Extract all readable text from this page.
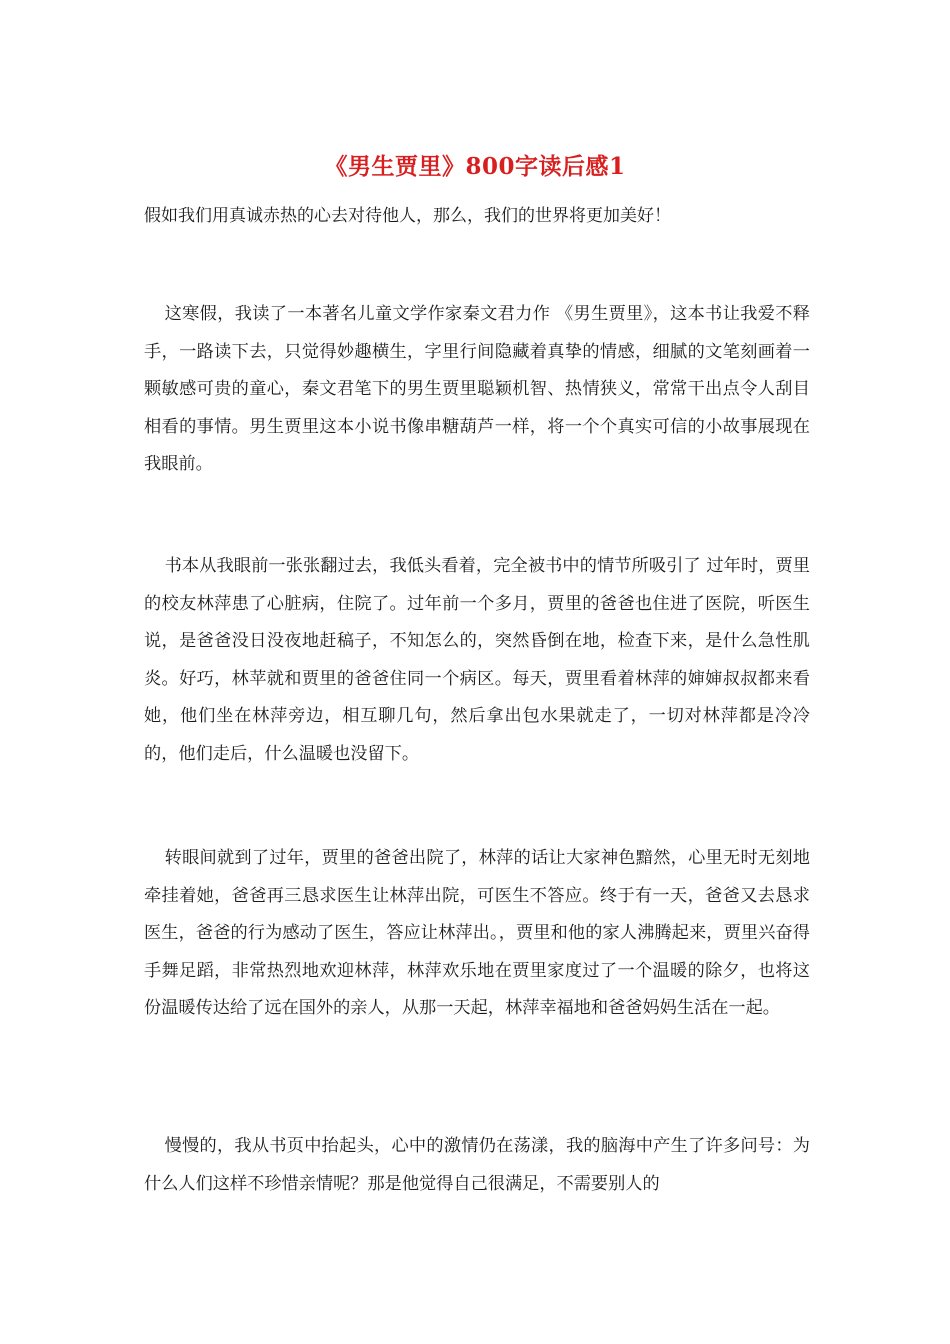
《男生贾里》800字读后感1

假如我们用真诚赤热的心去对待他人，那么，我们的世界将更加美好！

这寒假，我读了一本著名儿童文学作家秦文君力作 《男生贾里》，这本书让我爱不释手，一路读下去，只觉得妙趣横生，字里行间隐藏着真挚的情感，细腻的文笔刻画着一颗敏感可贵的童心，秦文君笔下的男生贾里聪颖机智、热情狭义，常常干出点令人刮目相看的事情。男生贾里这本小说书像串糖葫芦一样，将一个个真实可信的小故事展现在我眼前。

书本从我眼前一张张翻过去，我低头看着，完全被书中的情节所吸引了 过年时，贾里的校友林萍患了心脏病，住院了。过年前一个多月，贾里的爸爸也住进了医院，听医生说，是爸爸没日没夜地赶稿子，不知怎么的，突然昏倒在地，检查下来，是什么急性肌炎。好巧，林苹就和贾里的爸爸住同一个病区。每天，贾里看着林萍的婶婶叔叔都来看她，他们坐在林萍旁边，相互聊几句，然后拿出包水果就走了，一切对林萍都是冷冷的，他们走后，什么温暖也没留下。

转眼间就到了过年，贾里的爸爸出院了，林萍的话让大家神色黯然，心里无时无刻地牵挂着她，爸爸再三恳求医生让林萍出院，可医生不答应。终于有一天，爸爸又去恳求医生，爸爸的行为感动了医生，答应让林萍出。，贾里和他的家人沸腾起来，贾里兴奋得手舞足蹈，非常热烈地欢迎林萍，林萍欢乐地在贾里家度过了一个温暖的除夕，也将这份温暖传达给了远在国外的亲人，从那一天起，林萍幸福地和爸爸妈妈生活在一起。

慢慢的，我从书页中抬起头，心中的激情仍在荡漾，我的脑海中产生了许多问号：为什么人们这样不珍惜亲情呢？那是他觉得自己很满足，不需要别人的
